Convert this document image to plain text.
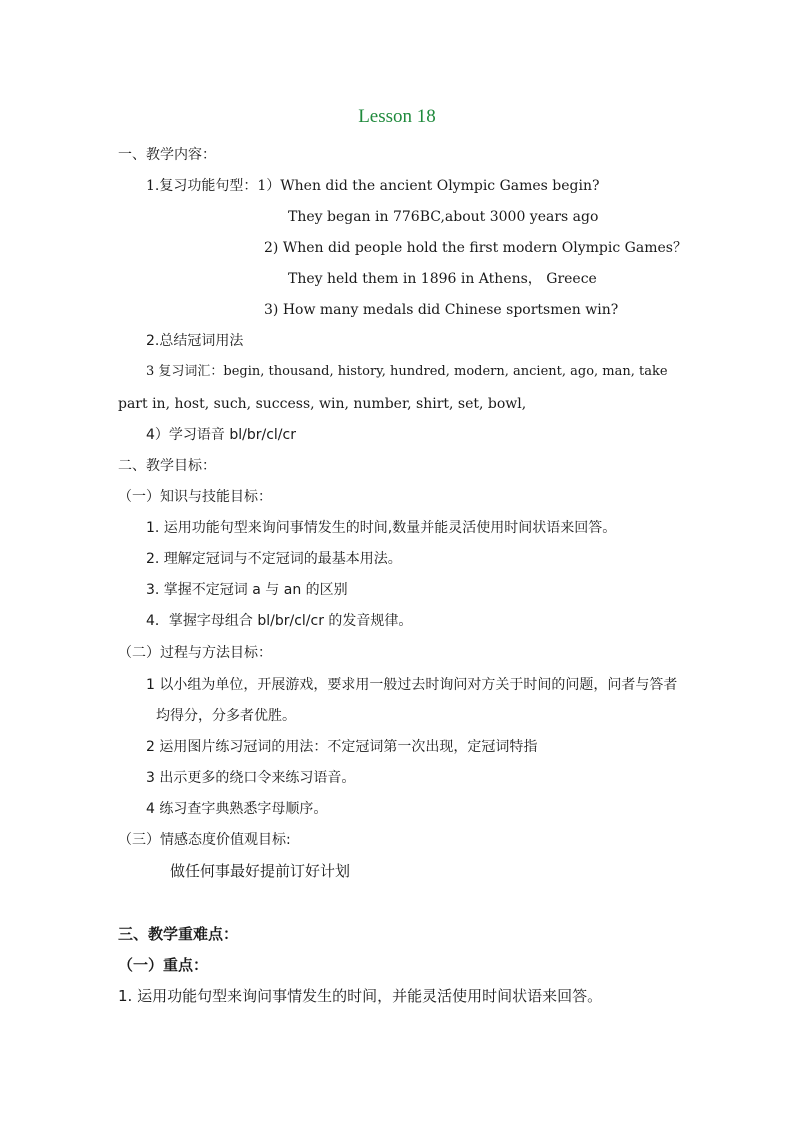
Lesson 18
一、教学内容：
1.复习功能句型：1）When did the ancient Olympic Games begin?
They began in 776BC,about 3000 years ago
2) When did people hold the first modern Olympic Games？
They held them in 1896 in Athens， Greece
3) How many medals did Chinese sportsmen win?
2.总结冠词用法
3 复习词汇：begin, thousand, history, hundred, modern, ancient, ago, man, take
part in, host, such, success, win, number, shirt, set, bowl,
4）学习语音 bl/br/cl/cr
二、教学目标：
（一）知识与技能目标：
1. 运用功能句型来询问事情发生的时间,数量并能灵活使用时间状语来回答。
2. 理解定冠词与不定冠词的最基本用法。
3. 掌握不定冠词 a 与 an 的区别
4．掌握字母组合 bl/br/cl/cr 的发音规律。
（二）过程与方法目标：
1 以小组为单位，开展游戏，要求用一般过去时询问对方关于时间的问题，问者与答者
均得分，分多者优胜。
2 运用图片练习冠词的用法：不定冠词第一次出现，定冠词特指
3 出示更多的绕口令来练习语音。
4 练习查字典熟悉字母顺序。
（三）情感态度价值观目标:
做任何事最好提前订好计划
三、教学重难点：
（一）重点：
1. 运用功能句型来询问事情发生的时间，并能灵活使用时间状语来回答。
